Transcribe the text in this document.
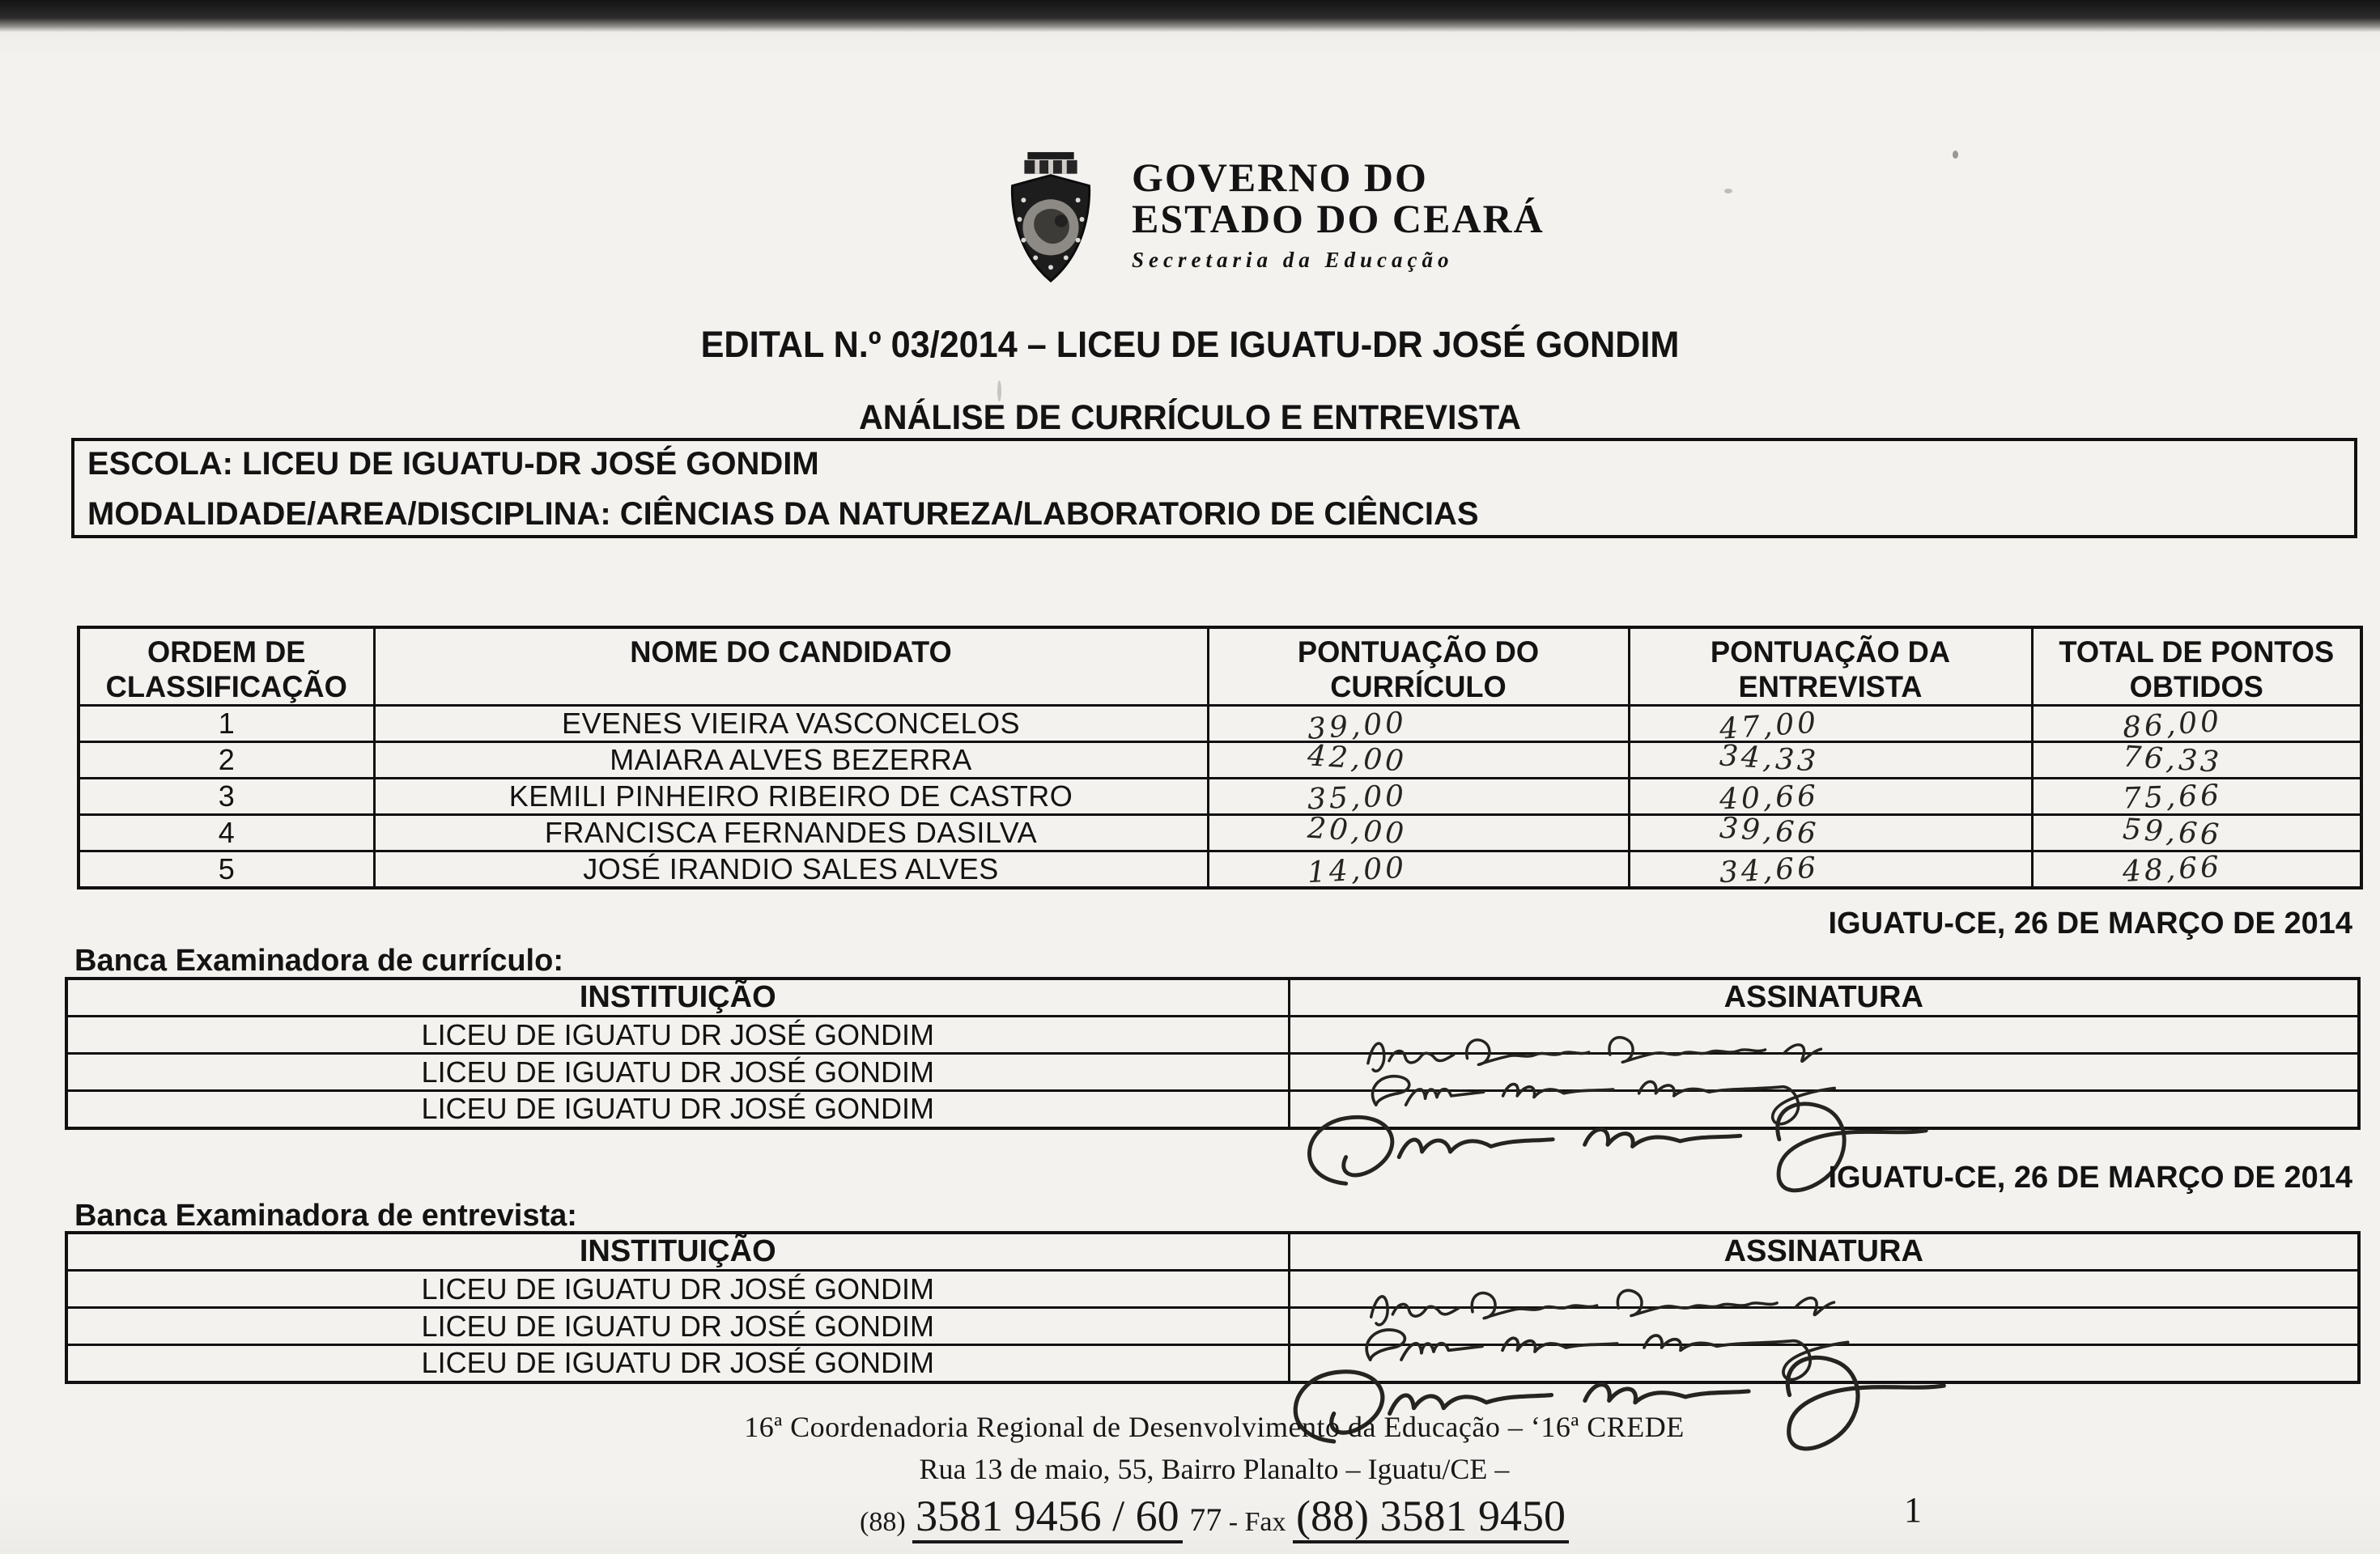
GOVERNO DO
ESTADO DO CEARÁ
Secretaria da Educação
EDITAL N.º 03/2014 – LICEU DE IGUATU-DR JOSÉ GONDIM
ANÁLISE DE CURRÍCULO E ENTREVISTA
ESCOLA: LICEU DE IGUATU-DR JOSÉ GONDIM
MODALIDADE/AREA/DISCIPLINA: CIÊNCIAS DA NATUREZA/LABORATORIO DE CIÊNCIAS
ORDEM DE CLASSIFICAÇÃO	NOME DO CANDIDATO	PONTUAÇÃO DO CURRÍCULO	PONTUAÇÃO DA ENTREVISTA	TOTAL DE PONTOS OBTIDOS
1	EVENES VIEIRA VASCONCELOS	39,00	47,00	86,00
2	MAIARA ALVES BEZERRA	42,00	34,33	76,33
3	KEMILI PINHEIRO RIBEIRO DE CASTRO	35,00	40,66	75,66
4	FRANCISCA FERNANDES DASILVA	20,00	39,66	59,66
5	JOSÉ IRANDIO SALES ALVES	14,00	34,66	48,66
IGUATU-CE, 26 DE MARÇO DE 2014
Banca Examinadora de currículo:
INSTITUIÇÃO	ASSINATURA
LICEU DE IGUATU DR JOSÉ GONDIM	
LICEU DE IGUATU DR JOSÉ GONDIM	
LICEU DE IGUATU DR JOSÉ GONDIM	
IGUATU-CE, 26 DE MARÇO DE 2014
Banca Examinadora de entrevista:
INSTITUIÇÃO	ASSINATURA
LICEU DE IGUATU DR JOSÉ GONDIM	
LICEU DE IGUATU DR JOSÉ GONDIM	
LICEU DE IGUATU DR JOSÉ GONDIM	
16ª Coordenadoria Regional de Desenvolvimento da Educação – ‘16ª CREDE
Rua 13 de maio, 55, Bairro Planalto – Iguatu/CE –
(88) 3581 9456 / 60 77 - Fax (88) 3581 9450	1
